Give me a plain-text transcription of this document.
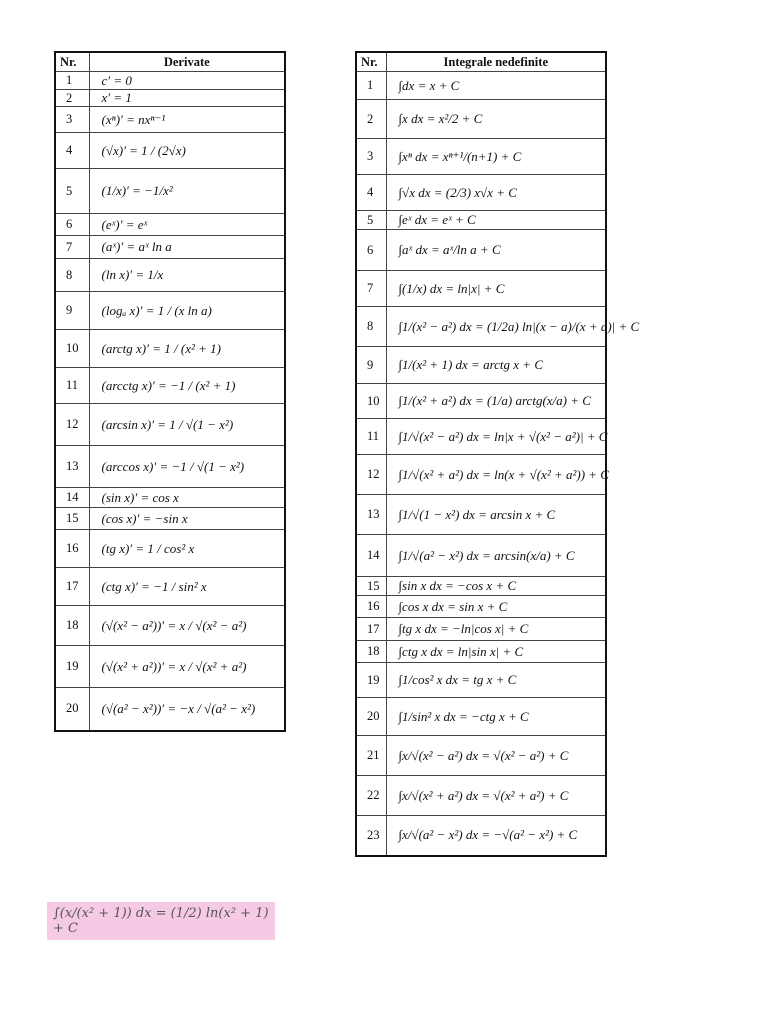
Nr.	Derivate
1	c′ = 0
2	x′ = 1
3	(xⁿ)′ = nxⁿ⁻¹
4	(√x)′ = 1 / (2√x)
5	(1/x)′ = −1/x²
6	(eˣ)′ = eˣ
7	(aˣ)′ = aˣ ln a
8	(ln x)′ = 1/x
9	(logₐ x)′ = 1 / (x ln a)
10	(arctg x)′ = 1 / (x² + 1)
11	(arcctg x)′ = −1 / (x² + 1)
12	(arcsin x)′ = 1 / √(1 − x²)
13	(arccos x)′ = −1 / √(1 − x²)
14	(sin x)′ = cos x
15	(cos x)′ = −sin x
16	(tg x)′ = 1 / cos² x
17	(ctg x)′ = −1 / sin² x
18	(√(x² − a²))′ = x / √(x² − a²)
19	(√(x² + a²))′ = x / √(x² + a²)
20	(√(a² − x²))′ = −x / √(a² − x²)
Nr.	Integrale nedefinite
1	∫dx = x + C
2	∫x dx = x²/2 + C
3	∫xⁿ dx = xⁿ⁺¹/(n+1) + C
4	∫√x dx = (2/3) x√x + C
5	∫eˣ dx = eˣ + C
6	∫aˣ dx = aˣ/ln a + C
7	∫(1/x) dx = ln|x| + C
8	∫1/(x² − a²) dx = (1/2a) ln|(x − a)/(x + a)| + C
9	∫1/(x² + 1) dx = arctg x + C
10	∫1/(x² + a²) dx = (1/a) arctg(x/a) + C
11	∫1/√(x² − a²) dx = ln|x + √(x² − a²)| + C
12	∫1/√(x² + a²) dx = ln(x + √(x² + a²)) + C
13	∫1/√(1 − x²) dx = arcsin x + C
14	∫1/√(a² − x²) dx = arcsin(x/a) + C
15	∫sin x dx = −cos x + C
16	∫cos x dx = sin x + C
17	∫tg x dx = −ln|cos x| + C
18	∫ctg x dx = ln|sin x| + C
19	∫1/cos² x dx = tg x + C
20	∫1/sin² x dx = −ctg x + C
21	∫x/√(x² − a²) dx = √(x² − a²) + C
22	∫x/√(x² + a²) dx = √(x² + a²) + C
23	∫x/√(a² − x²) dx = −√(a² − x²) + C
∫(x/(x² + 1)) dx = (1/2) ln(x² + 1) + C
